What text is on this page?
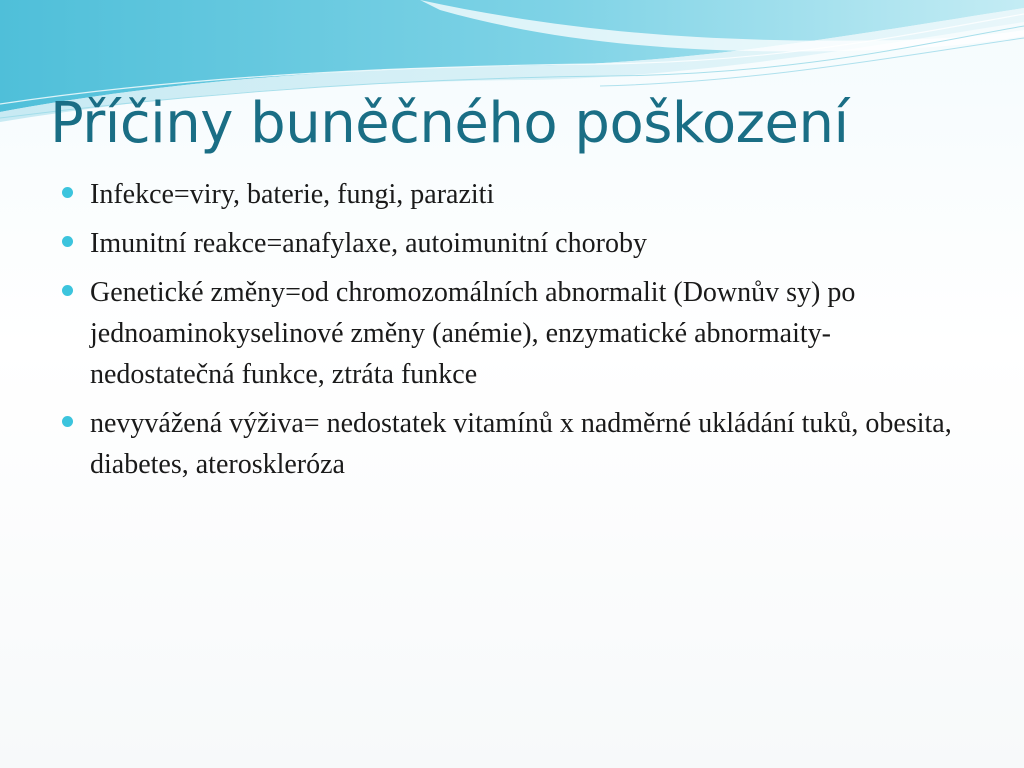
Příčiny buněčného poškození
Infekce=viry, baterie, fungi, paraziti
Imunitní reakce=anafylaxe, autoimunitní choroby
Genetické změny=od chromozomálních abnormalit (Downův sy) po jednoaminokyselinové změny (anémie), enzymatické abnormaity-nedostatečná funkce, ztráta funkce
nevyvážená výživa= nedostatek vitamínů x nadměrné ukládání tuků, obesita, diabetes, ateroskleróza
